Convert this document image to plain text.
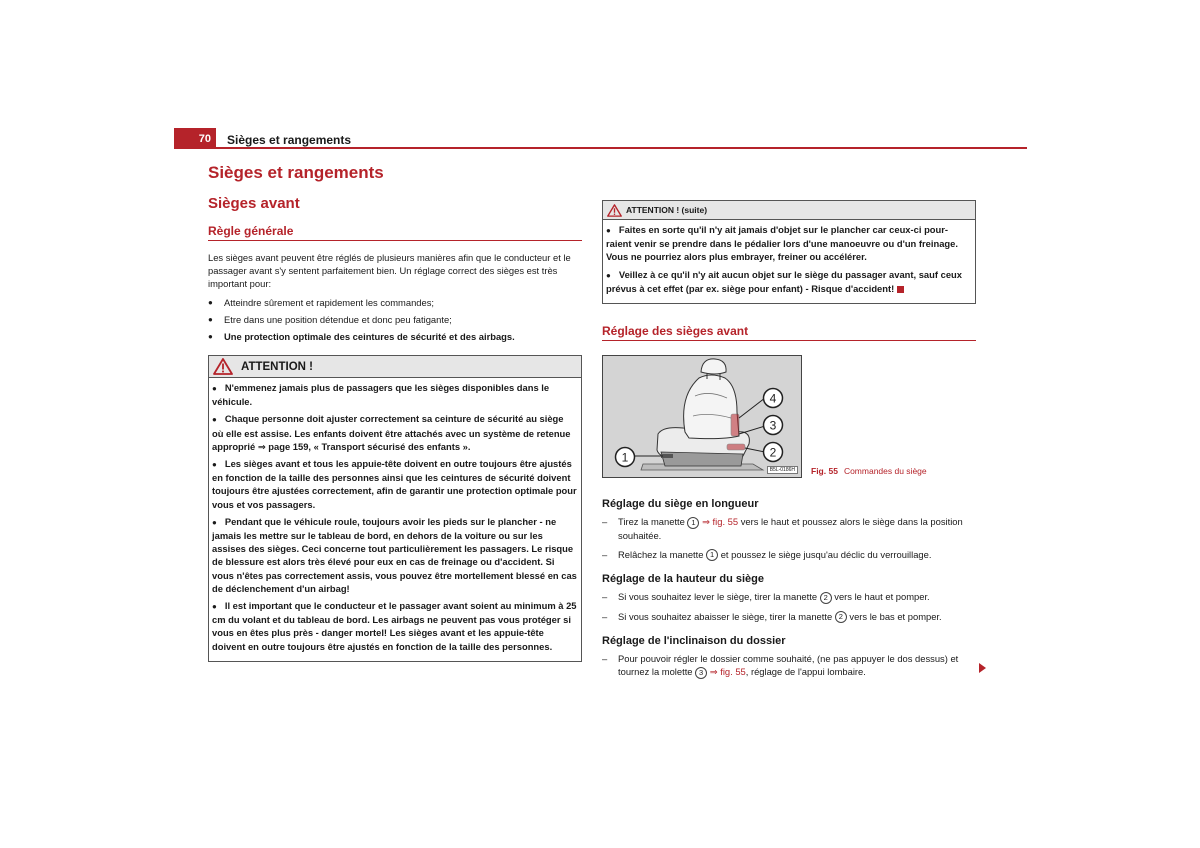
70	Sièges et rangements
Sièges et rangements
Sièges avant
Règle générale

Les sièges avant peuvent être réglés de plusieurs manières afin que le conducteur et le passager avant s'y sentent parfaitement bien. Un réglage correct des sièges est très important pour:

● Atteindre sûrement et rapidement les commandes;
● Etre dans une position détendue et donc peu fatigante;
● Une protection optimale des ceintures de sécurité et des airbags.
ATTENTION !
● N'emmenez jamais plus de passagers que les sièges disponibles dans le véhicule.
● Chaque personne doit ajuster correctement sa ceinture de sécurité au siège où elle est assise. Les enfants doivent être attachés avec un système de retenue approprié ⇒ page 159, « Transport sécurisé des enfants ».
● Les sièges avant et tous les appuie-tête doivent en outre toujours être ajustés en fonction de la taille des personnes ainsi que les ceintures de sécurité doivent toujours être ajustées correctement, afin de garantir une protection optimale pour vous et vos passagers.
● Pendant que le véhicule roule, toujours avoir les pieds sur le plancher - ne jamais les mettre sur le tableau de bord, en dehors de la voiture ou sur les assises des sièges. Ceci concerne tout particulièrement les passagers. Le risque de blessure est alors très élevé pour eux en cas de freinage ou d'accident. Si vous n'êtes pas correctement assis, vous pouvez être mortellement blessé en cas de déclenchement d'un airbag!
● Il est important que le conducteur et le passager avant soient au minimum à 25 cm du volant et du tableau de bord. Les airbags ne peuvent pas vous protéger si vous en êtes plus près - danger mortel! Les sièges avant et les appuie-tête doivent en outre toujours être ajustés en fonction de la taille des personnes.
ATTENTION ! (suite)
● Faites en sorte qu'il n'y ait jamais d'objet sur le plancher car ceux-ci pour-raient venir se prendre dans le pédalier lors d'une manoeuvre ou d'un freinage. Vous ne pourriez alors plus embrayer, freiner ou accélérer.
● Veillez à ce qu'il n'y ait aucun objet sur le siège du passager avant, sauf ceux prévus à cet effet (par ex. siège pour enfant) - Risque d'accident!
Réglage des sièges avant
4
3
2
1
B5L-0186H	Fig. 55 Commandes du siège
Réglage du siège en longueur
– Tirez la manette 1 ⇒ fig. 55 vers le haut et poussez alors le siège dans la position souhaitée.
– Relâchez la manette 1 et poussez le siège jusqu'au déclic du verrouillage.
Réglage de la hauteur du siège
– Si vous souhaitez lever le siège, tirer la manette 2 vers le haut et pomper.
– Si vous souhaitez abaisser le siège, tirer la manette 2 vers le bas et pomper.
Réglage de l'inclinaison du dossier
– Pour pouvoir régler le dossier comme souhaité, (ne pas appuyer le dos dessus) et tournez la molette 3 ⇒ fig. 55, réglage de l'appui lombaire.
